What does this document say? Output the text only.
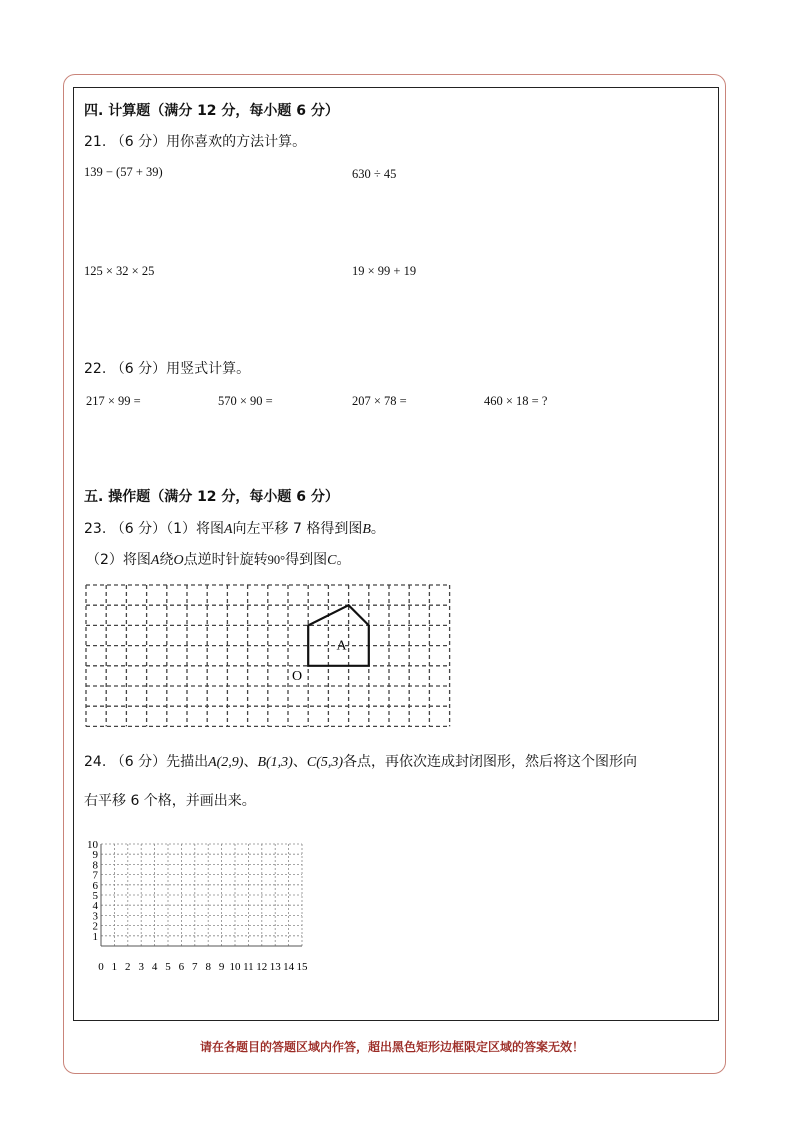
四. 计算题（满分 12 分，每小题 6 分）
21. （6 分）用你喜欢的方法计算。
139 − (57 + 39)	630 ÷ 45
125 × 32 × 25	19 × 99 + 19
22. （6 分）用竖式计算。
217 × 99 =	570 × 90 =	207 × 78 =	460 × 18 = ?
五. 操作题（满分 12 分，每小题 6 分）
23. （6 分）（1）将图A向左平移 7 格得到图B。
（2）将图A绕O点逆时针旋转90°得到图C。
A
O
24. （6 分）先描出A(2,9)、B(1,3)、C(5,3)各点，再依次连成封闭图形，然后将这个图形向
右平移 6 个格，并画出来。
0 1 2 3 4 5 6 7 8 9 10 11 12 13 14 15
1
2
3
4
5
6
7
8
9
10
请在各题目的答题区域内作答，超出黑色矩形边框限定区域的答案无效！
